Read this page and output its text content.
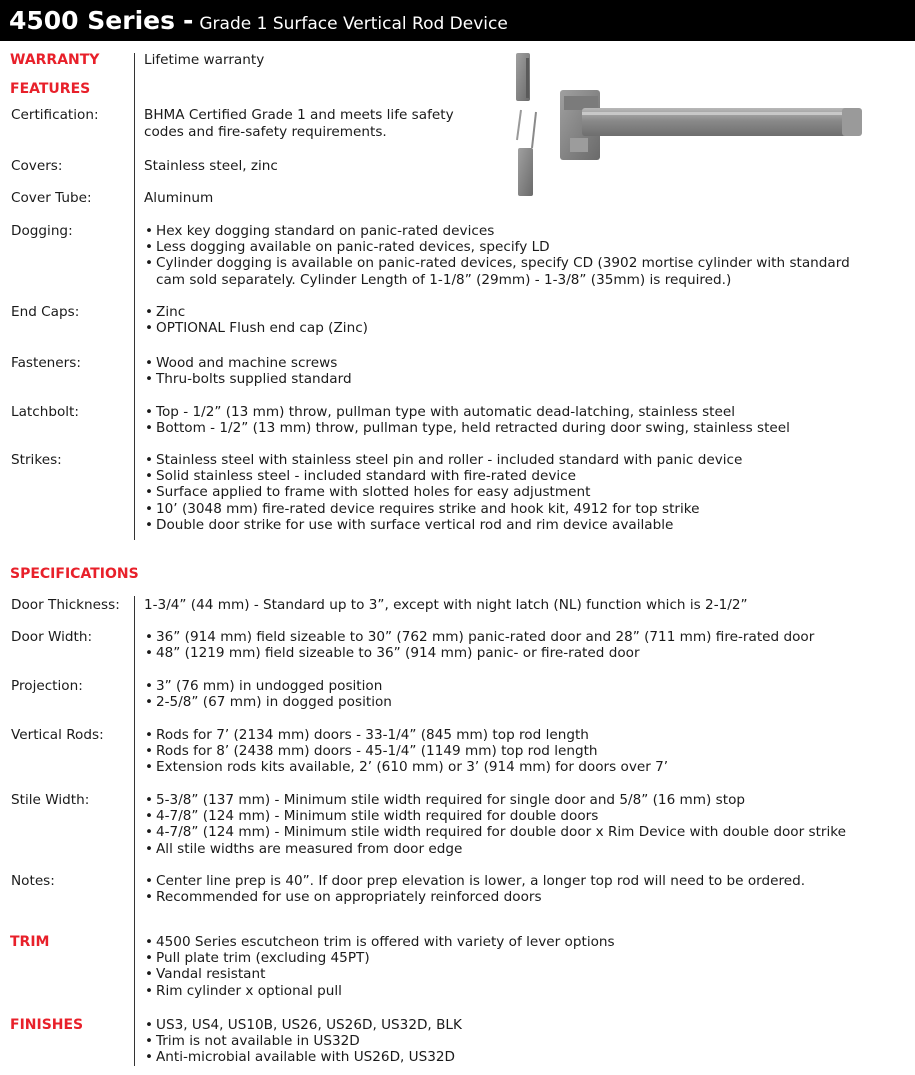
4500 Series - Grade 1 Surface Vertical Rod Device
WARRANTY	Lifetime warranty
FEATURES
Certification:	BHMA Certified Grade 1 and meets life safety
codes and fire-safety requirements.
Covers:	Stainless steel, zinc
Cover Tube:	Aluminum
Dogging:	• Hex key dogging standard on panic-rated devices
• Less dogging available on panic-rated devices, specify LD
• Cylinder dogging is available on panic-rated devices, specify CD (3902 mortise cylinder with standard
cam sold separately. Cylinder Length of 1-1/8” (29mm) - 1-3/8” (35mm) is required.)
End Caps:	• Zinc
• OPTIONAL Flush end cap (Zinc)
Fasteners:	• Wood and machine screws
• Thru-bolts supplied standard
Latchbolt:	• Top - 1/2” (13 mm) throw, pullman type with automatic dead-latching, stainless steel
• Bottom - 1/2” (13 mm) throw, pullman type, held retracted during door swing, stainless steel
Strikes:	• Stainless steel with stainless steel pin and roller - included standard with panic device
• Solid stainless steel - included standard with fire-rated device
• Surface applied to frame with slotted holes for easy adjustment
• 10’ (3048 mm) fire-rated device requires strike and hook kit, 4912 for top strike
• Double door strike for use with surface vertical rod and rim device available
SPECIFICATIONS
Door Thickness: 1-3/4” (44 mm) - Standard up to 3”, except with night latch (NL) function which is 2-1/2”
Door Width:	• 36” (914 mm) field sizeable to 30” (762 mm) panic-rated door and 28” (711 mm) fire-rated door
• 48” (1219 mm) field sizeable to 36” (914 mm) panic- or fire-rated door
Projection:	• 3” (76 mm) in undogged position
• 2-5/8” (67 mm) in dogged position
Vertical Rods:	• Rods for 7’ (2134 mm) doors - 33-1/4” (845 mm) top rod length
• Rods for 8’ (2438 mm) doors - 45-1/4” (1149 mm) top rod length
• Extension rods kits available, 2’ (610 mm) or 3’ (914 mm) for doors over 7’
Stile Width:	• 5-3/8” (137 mm) - Minimum stile width required for single door and 5/8” (16 mm) stop
• 4-7/8” (124 mm) - Minimum stile width required for double doors
• 4-7/8” (124 mm) - Minimum stile width required for double door x Rim Device with double door strike
• All stile widths are measured from door edge
Notes:	• Center line prep is 40”. If door prep elevation is lower, a longer top rod will need to be ordered.
• Recommended for use on appropriately reinforced doors
TRIM	• 4500 Series escutcheon trim is offered with variety of lever options
• Pull plate trim (excluding 45PT)
• Vandal resistant
• Rim cylinder x optional pull
FINISHES	• US3, US4, US10B, US26, US26D, US32D, BLK
• Trim is not available in US32D
• Anti-microbial available with US26D, US32D
